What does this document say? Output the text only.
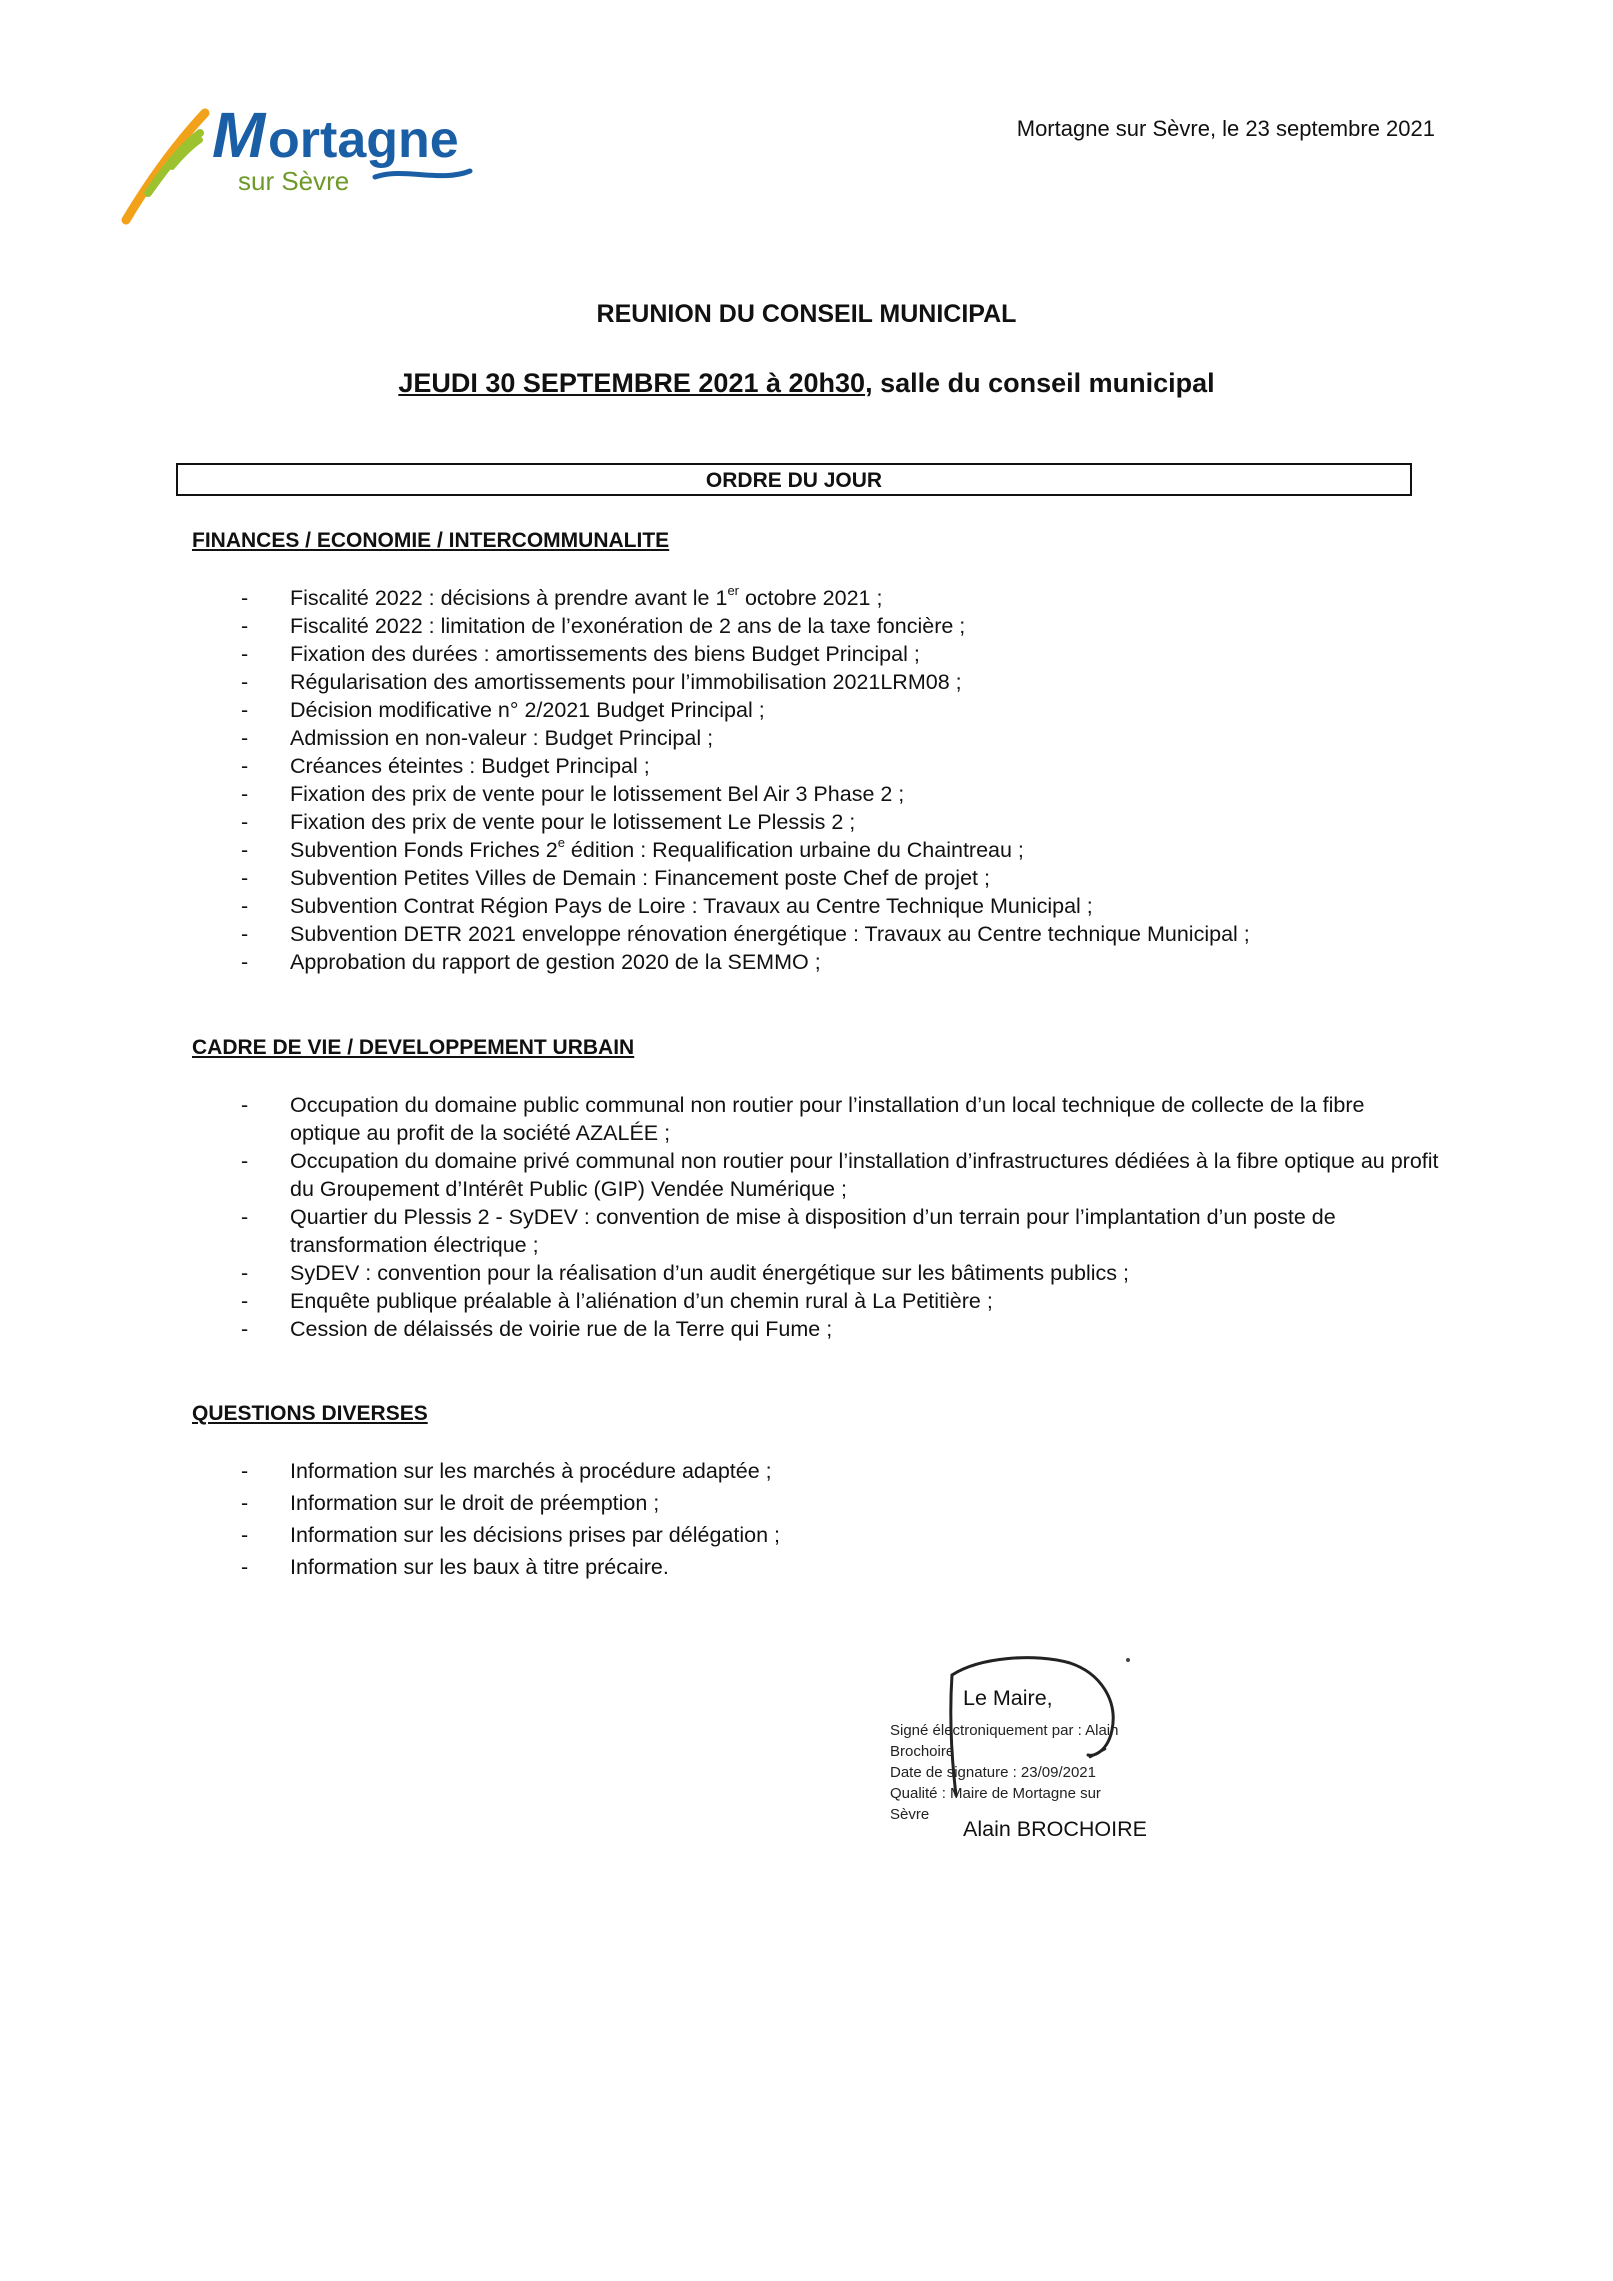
M ortagne
sur Sèvre
Mortagne sur Sèvre, le 23 septembre 2021
REUNION DU CONSEIL MUNICIPAL
JEUDI 30 SEPTEMBRE 2021 à 20h30, salle du conseil municipal
ORDRE DU JOUR
FINANCES / ECONOMIE / INTERCOMMUNALITE
- Fiscalité 2022 : décisions à prendre avant le 1er octobre 2021 ;
- Fiscalité 2022 : limitation de l’exonération de 2 ans de la taxe foncière ;
- Fixation des durées : amortissements des biens Budget Principal ;
- Régularisation des amortissements pour l’immobilisation 2021LRM08 ;
- Décision modificative n° 2/2021 Budget Principal ;
- Admission en non-valeur : Budget Principal ;
- Créances éteintes : Budget Principal ;
- Fixation des prix de vente pour le lotissement Bel Air 3 Phase 2 ;
- Fixation des prix de vente pour le lotissement Le Plessis 2 ;
- Subvention Fonds Friches 2e édition : Requalification urbaine du Chaintreau ;
- Subvention Petites Villes de Demain : Financement poste Chef de projet ;
- Subvention Contrat Région Pays de Loire : Travaux au Centre Technique Municipal ;
- Subvention DETR 2021 enveloppe rénovation énergétique : Travaux au Centre technique Municipal ;
- Approbation du rapport de gestion 2020 de la SEMMO ;
CADRE DE VIE / DEVELOPPEMENT URBAIN
- Occupation du domaine public communal non routier pour l’installation d’un local technique de collecte de la fibre optique au profit de la société AZALÉE ;
- Occupation du domaine privé communal non routier pour l’installation d’infrastructures dédiées à la fibre optique au profit du Groupement d’Intérêt Public (GIP) Vendée Numérique ;
- Quartier du Plessis 2 - SyDEV : convention de mise à disposition d’un terrain pour l’implantation d’un poste de transformation électrique ;
- SyDEV : convention pour la réalisation d’un audit énergétique sur les bâtiments publics ;
- Enquête publique préalable à l’aliénation d’un chemin rural à La Petitière ;
- Cession de délaissés de voirie rue de la Terre qui Fume ;
QUESTIONS DIVERSES
- Information sur les marchés à procédure adaptée ;
- Information sur le droit de préemption ;
- Information sur les décisions prises par délégation ;
- Information sur les baux à titre précaire.
Le Maire,
Signé électroniquement par : Alain
Brochoire
Date de signature : 23/09/2021
Qualité : Maire de Mortagne sur
Sèvre
Alain BROCHOIRE
